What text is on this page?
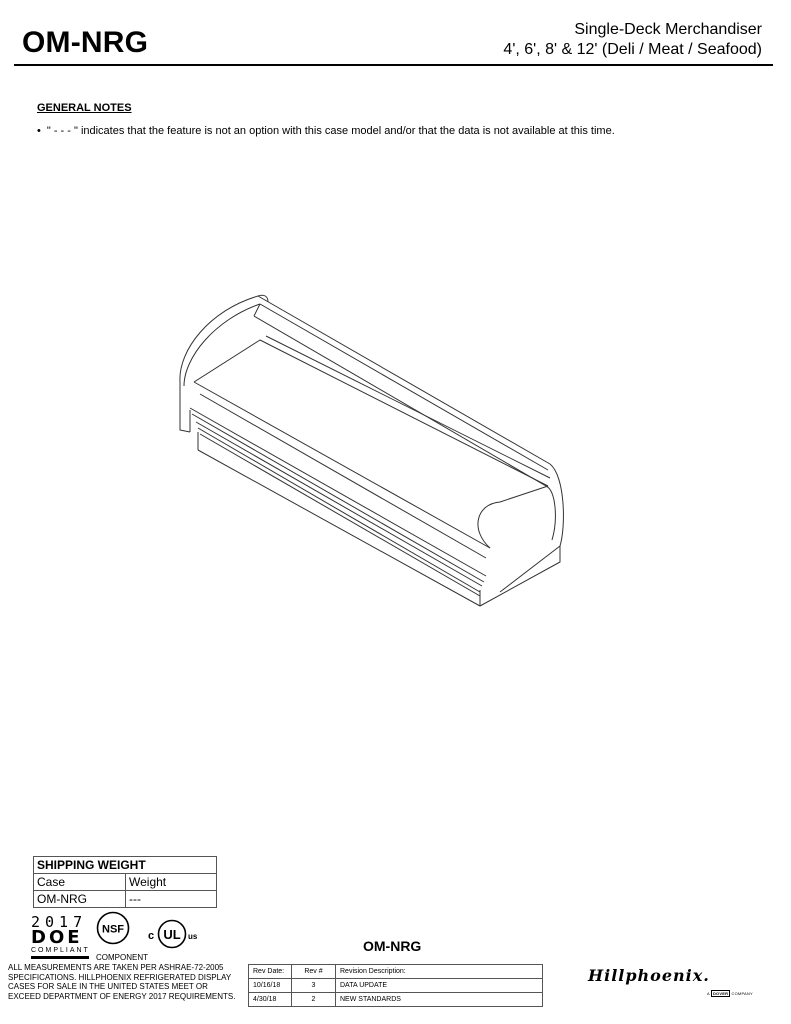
OM-NRG	Single-Deck Merchandiser
4', 6', 8' & 12' (Deli / Meat / Seafood)
GENERAL NOTES
• " - - - " indicates that the feature is not an option with this case model and/or that the data is not available at this time.
SHIPPING WEIGHT	
Case	Weight
OM-NRG	---
2017
DOE
COMPLIANT
NSF
c UL us
COMPONENT
ALL MEASUREMENTS ARE TAKEN PER ASHRAE-72-2005 SPECIFICATIONS. HILLPHOENIX REFRIGERATED DISPLAY CASES FOR SALE IN THE UNITED STATES MEET OR EXCEED DEPARTMENT OF ENERGY 2017 REQUIREMENTS.
OM-NRG
Rev Date:	Rev #	Revision Description:
10/16/18	3	DATA UPDATE
4/30/18	2	NEW STANDARDS
Hillphoenix.
A DOVER COMPANY
